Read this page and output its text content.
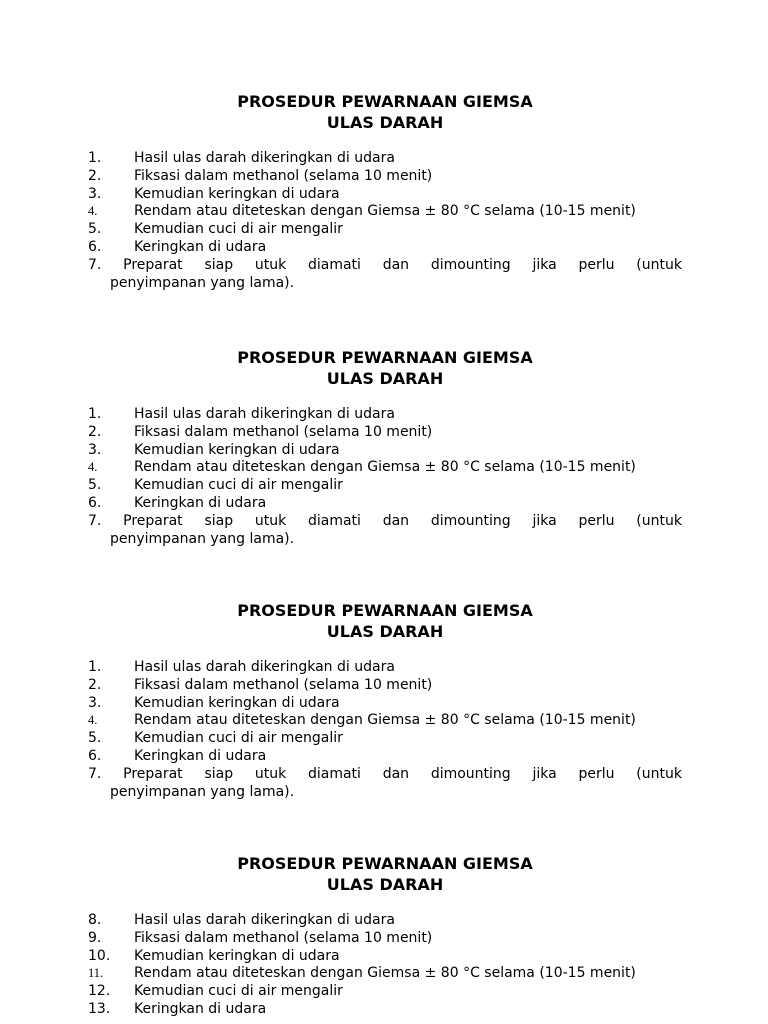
PROSEDUR PEWARNAAN GIEMSA

ULAS DARAH

1. Hasil ulas darah dikeringkan di udara
2. Fiksasi dalam methanol (selama 10 menit)
3. Kemudian keringkan di udara
4.	Rendam atau diteteskan dengan Giemsa ± 80 °C selama (10-15 menit)
5. Kemudian cuci di air mengalir
6. Keringkan di udara
7. Preparat siap utuk diamati dan dimounting jika perlu (untuk
penyimpanan yang lama).

PROSEDUR PEWARNAAN GIEMSA

ULAS DARAH

1. Hasil ulas darah dikeringkan di udara
2. Fiksasi dalam methanol (selama 10 menit)
3. Kemudian keringkan di udara
4.	Rendam atau diteteskan dengan Giemsa ± 80 °C selama (10-15 menit)
5. Kemudian cuci di air mengalir
6. Keringkan di udara
7. Preparat siap utuk diamati dan dimounting jika perlu (untuk
penyimpanan yang lama).

PROSEDUR PEWARNAAN GIEMSA

ULAS DARAH

1. Hasil ulas darah dikeringkan di udara
2. Fiksasi dalam methanol (selama 10 menit)
3. Kemudian keringkan di udara
4.	Rendam atau diteteskan dengan Giemsa ± 80 °C selama (10-15 menit)
5. Kemudian cuci di air mengalir
6. Keringkan di udara
7. Preparat siap utuk diamati dan dimounting jika perlu (untuk
penyimpanan yang lama).

PROSEDUR PEWARNAAN GIEMSA

ULAS DARAH

8. Hasil ulas darah dikeringkan di udara
9. Fiksasi dalam methanol (selama 10 menit)
10. Kemudian keringkan di udara
11. Rendam atau diteteskan dengan Giemsa ± 80 °C selama (10-15 menit)
12. Kemudian cuci di air mengalir
13. Keringkan di udara
